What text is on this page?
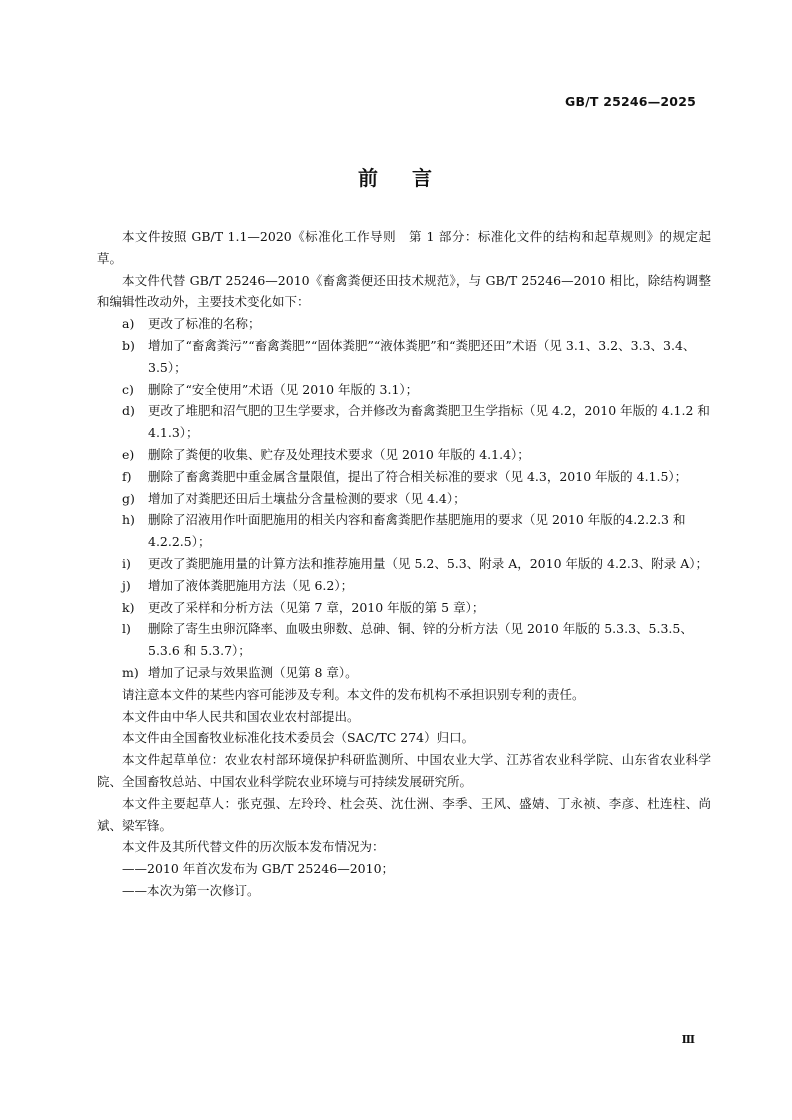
GB/T 25246—2025
前 言

本文件按照 GB/T 1.1—2020《标准化工作导则　第 1 部分：标准化文件的结构和起草规则》的规定起草。

本文件代替 GB/T 25246—2010《畜禽粪便还田技术规范》，与 GB/T 25246—2010 相比，除结构调整和编辑性改动外，主要技术变化如下：

a) 更改了标准的名称；
b) 增加了“畜禽粪污”“畜禽粪肥”“固体粪肥”“液体粪肥”和“粪肥还田”术语（见 3.1、3.2、3.3、3.4、3.5）；
c) 删除了“安全使用”术语（见 2010 年版的 3.1）；
d) 更改了堆肥和沼气肥的卫生学要求，合并修改为畜禽粪肥卫生学指标（见 4.2，2010 年版的 4.1.2 和 4.1.3）；
e) 删除了粪便的收集、贮存及处理技术要求（见 2010 年版的 4.1.4）；
f) 删除了畜禽粪肥中重金属含量限值，提出了符合相关标准的要求（见 4.3，2010 年版的 4.1.5）；
g) 增加了对粪肥还田后土壤盐分含量检测的要求（见 4.4）；
h) 删除了沼液用作叶面肥施用的相关内容和畜禽粪肥作基肥施用的要求（见 2010 年版的4.2.2.3 和 4.2.2.5）；
i) 更改了粪肥施用量的计算方法和推荐施用量（见 5.2、5.3、附录 A，2010 年版的 4.2.3、附录 A）；
j) 增加了液体粪肥施用方法（见 6.2）；
k) 更改了采样和分析方法（见第 7 章，2010 年版的第 5 章）；
l) 删除了寄生虫卵沉降率、血吸虫卵数、总砷、铜、锌的分析方法（见 2010 年版的 5.3.3、5.3.5、5.3.6 和 5.3.7）；
m) 增加了记录与效果监测（见第 8 章）。

请注意本文件的某些内容可能涉及专利。本文件的发布机构不承担识别专利的责任。

本文件由中华人民共和国农业农村部提出。

本文件由全国畜牧业标准化技术委员会（SAC/TC 274）归口。

本文件起草单位：农业农村部环境保护科研监测所、中国农业大学、江苏省农业科学院、山东省农业科学院、全国畜牧总站、中国农业科学院农业环境与可持续发展研究所。

本文件主要起草人：张克强、左玲玲、杜会英、沈仕洲、李季、王风、盛婧、丁永祯、李彦、杜连柱、尚斌、梁军锋。

本文件及其所代替文件的历次版本发布情况为：

——2010 年首次发布为 GB/T 25246—2010；

——本次为第一次修订。

Ⅲ
